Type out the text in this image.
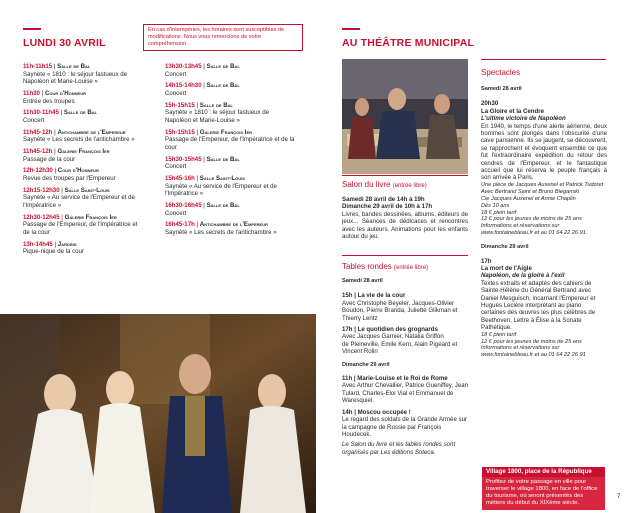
LUNDI 30 AVRIL
En cas d'intempéries, les horaires sont susceptibles de modifications. Nous vous remercions de votre compréhension.
11h-11h15 | Salle de Bal
Saynète « 1810 : le séjour fastueux de Napoléon et Marie-Louise »
11h30 | Cour d'Honneur
Entrée des troupes
11h30-11h45 | Salle de Bal
Concert
11h45-12h | Antichambre de l'Empereur
Saynète « Les secrets de l'antichambre »
11h45-12h | Galerie François Ier
Passage de la cour
12h-12h30 | Cour d'Honneur
Revue des troupes par l'Empereur
12h15-12h30 | Salle Saint-Louis
Saynète « Au service de l'Empereur et de l'Impératrice »
12h30-12h45 | Galerie François Ier
Passage de l'Empereur, de l'Impératrice et de la cour
13h-14h45 | Jardins
Pique-nique de la cour
13h30-13h45 | Salle de Bal
Concert
14h15-14h30 | Salle de Bal
Concert
15h-15h15 | Salle de Bal
Saynète « 1810 : le séjour fastueux de Napoléon et Marie-Louise »
15h-15h15 | Galerie François Ier
Passage de l'Empereur, de l'Impératrice et de la cour
15h30-15h45 | Salle de Bal
Concert
15h45-16h | Salle Saint-Louis
Saynète « Au service de l'Empereur et de l'Impératrice »
16h30-16h45 | Salle de Bal
Concert
16h45-17h | Antichambre de l'Empereur
Saynète « Les secrets de l'antichambre »
AU THÉÂTRE MUNICIPAL
Salon du livre (entrée libre)
Samedi 28 avril de 14h à 19h
Dimanche 29 avril de 10h à 17h
Livres, bandes dessinées, albums, éditeurs de jeux... Séances de dédicaces et rencontres avec les auteurs. Animations pour les enfants autour du jeu.
Tables rondes (entrée libre)
Samedi 28 avril
15h | La vie de la cour
Avec Christophe Beyeler, Jacques-Olivier Boudon, Pierre Branda, Juliette Glikman et Thierry Lentz
17h | Le quotidien des grognards
Avec Jacques Garnier, Natalia Griffon
de Pleineville, Emile Kern, Alain Pigeard et Vincent Rolin
Dimanche 29 avril
11h | Marie-Louise et le Roi de Rome
Avec Arthur Chevallier, Patrice Gueniffey, Jean Tulard, Charles-Eloi Vial et Emmanuel de Waresquiel.
14h | Moscou occupée !
Le regard des soldats de la Grande Armée sur la campagne de Russie par François Houdecek.
Le Salon du livre et les tables rondes sont organisés par Les éditions Soteca.
Spectacles
Samedi 28 avril
20h30
La Gloire et la Cendre
L'ultime victoire de Napoléon
En 1940, le temps d'une alerte aérienne, deux hommes sont plongés dans l'obscurité d'une cave parisienne. Ils se jaugent, se découvrent, se rapprochent et évoquent ensemble ce que fut l'extraordinaire expédition du retour des cendres de l'Empereur, et le fantastique accueil que lui réserva le peuple français à son arrivée à Paris.
Une pièce de Jacques Auxenel et Patrick Tudoret
Avec Bertrand Saint et Bruno Bieganski
Cie Jacques Auxenel et Annie Chaplin
Dès 10 ans
18 € plein tarif
12 € pour les jeunes de moins de 25 ans
Informations et réservations sur
www.fontainebleau.fr et au 01 64 22 26 91
Dimanche 29 avril
17h
La mort de l'Aigle
Napoléon, de la gloire à l'exil
Textes extraits et adaptés des cahiers de Sainte-Hélène du Général Bertrand avec Daniel Mesguisch, incarnant l'Empereur et Hugues Leclère interprétant au piano certaines des œuvres les plus célèbres de Beethoven, Lettre à Élise à la Sonate Pathétique.
18 € plein tarif
12 € pour les jeunes de moins de 25 ans
Informations et réservations sur
www.fontainebleau.fr et au 01 64 22 26 91
Village 1800, place de la République
Profitez de votre passage en ville pour traverser le village 1800, en face de l'office du tourisme, où seront présentés des métiers du début du XIXème siècle.
7
